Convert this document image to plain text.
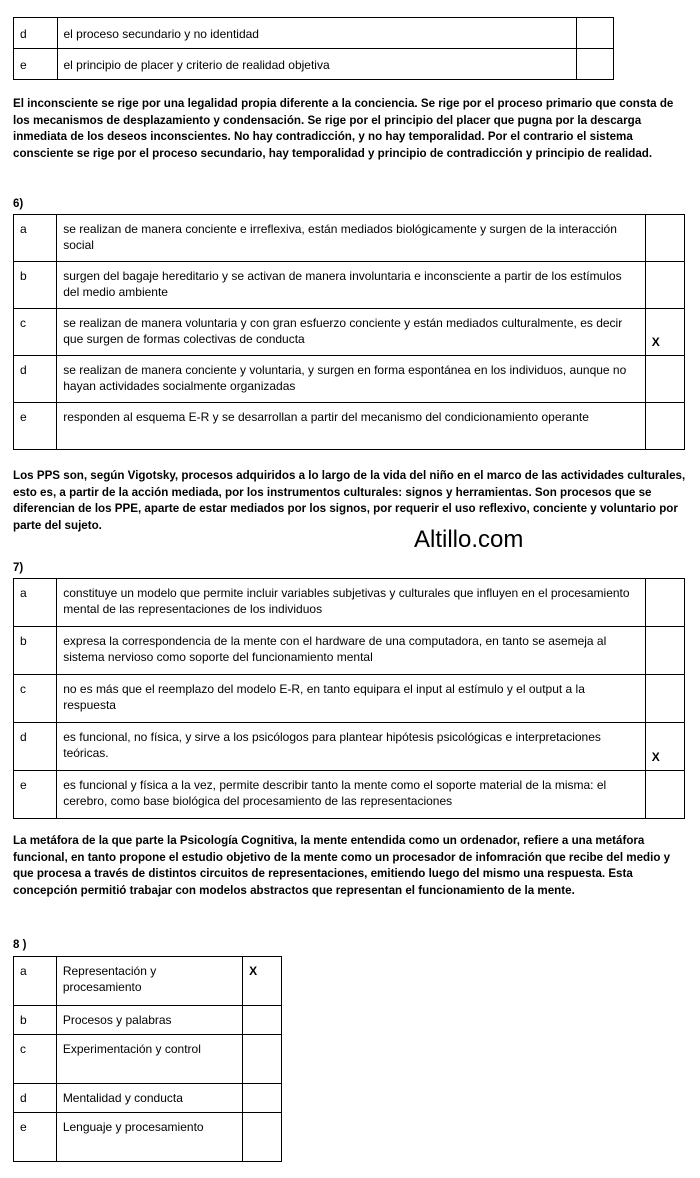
d	el proceso secundario y no identidad	
e	el principio de placer y criterio de realidad objetiva	

El inconsciente se rige por una legalidad propia diferente a la conciencia. Se rige por el proceso primario que consta de los mecanismos de desplazamiento y condensación. Se rige por el principio del placer que pugna por la descarga inmediata de los deseos inconscientes. No hay contradicción, y no hay temporalidad. Por el contrario el sistema consciente se rige por el proceso secundario, hay temporalidad y principio de contradicción y principio de realidad.

6)
a	se realizan de manera conciente e irreflexiva, están mediados biológicamente y surgen de la interacción social	
b	surgen del bagaje hereditario y se activan de manera involuntaria e inconsciente a partir de los estímulos del medio ambiente	
c	se realizan de manera voluntaria y con gran esfuerzo conciente y están mediados culturalmente, es decir que surgen de formas colectivas de conducta	X
d	se realizan de manera conciente y voluntaria, y surgen en forma espontánea en los individuos, aunque no hayan actividades socialmente organizadas	
e	responden al esquema E-R y se desarrollan a partir del mecanismo del condicionamiento operante	

Los PPS son, según Vigotsky, procesos adquiridos a lo largo de la vida del niño en el marco de las actividades culturales, esto es, a partir de la acción mediada, por los instrumentos culturales: signos y herramientas. Son procesos que se diferencian de los PPE, aparte de estar mediados por los signos, por requerir el uso reflexivo, conciente y voluntario por parte del sujeto.

Altillo.com
7)
a	constituye un modelo que permite incluir variables subjetivas y culturales que influyen en el procesamiento mental de las representaciones de los individuos	
b	expresa la correspondencia de la mente con el hardware de una computadora, en tanto se asemeja al sistema nervioso como soporte del funcionamiento mental	
c	no es más que el reemplazo del modelo E-R, en tanto equipara el input al estímulo y el output a la respuesta	
d	es funcional, no física, y sirve a los psicólogos para plantear hipótesis psicológicas e interpretaciones teóricas.	X
e	es funcional y física a la vez, permite describir tanto la mente como el soporte material de la misma: el cerebro, como base biológica del procesamiento de las representaciones	

La metáfora de la que parte la Psicología Cognitiva, la mente entendida como un ordenador, refiere a una metáfora funcional, en tanto propone el estudio objetivo de la mente como un procesador de infomración que recibe del medio y que procesa a través de distintos circuitos de representaciones, emitiendo luego del mismo una respuesta. Esta concepción permitió trabajar con modelos abstractos que representan el funcionamiento de la mente.

8 )
a	Representación y procesamiento	X
b	Procesos y palabras	
c	Experimentación y control	
d	Mentalidad y conducta	
e	Lenguaje y procesamiento	
